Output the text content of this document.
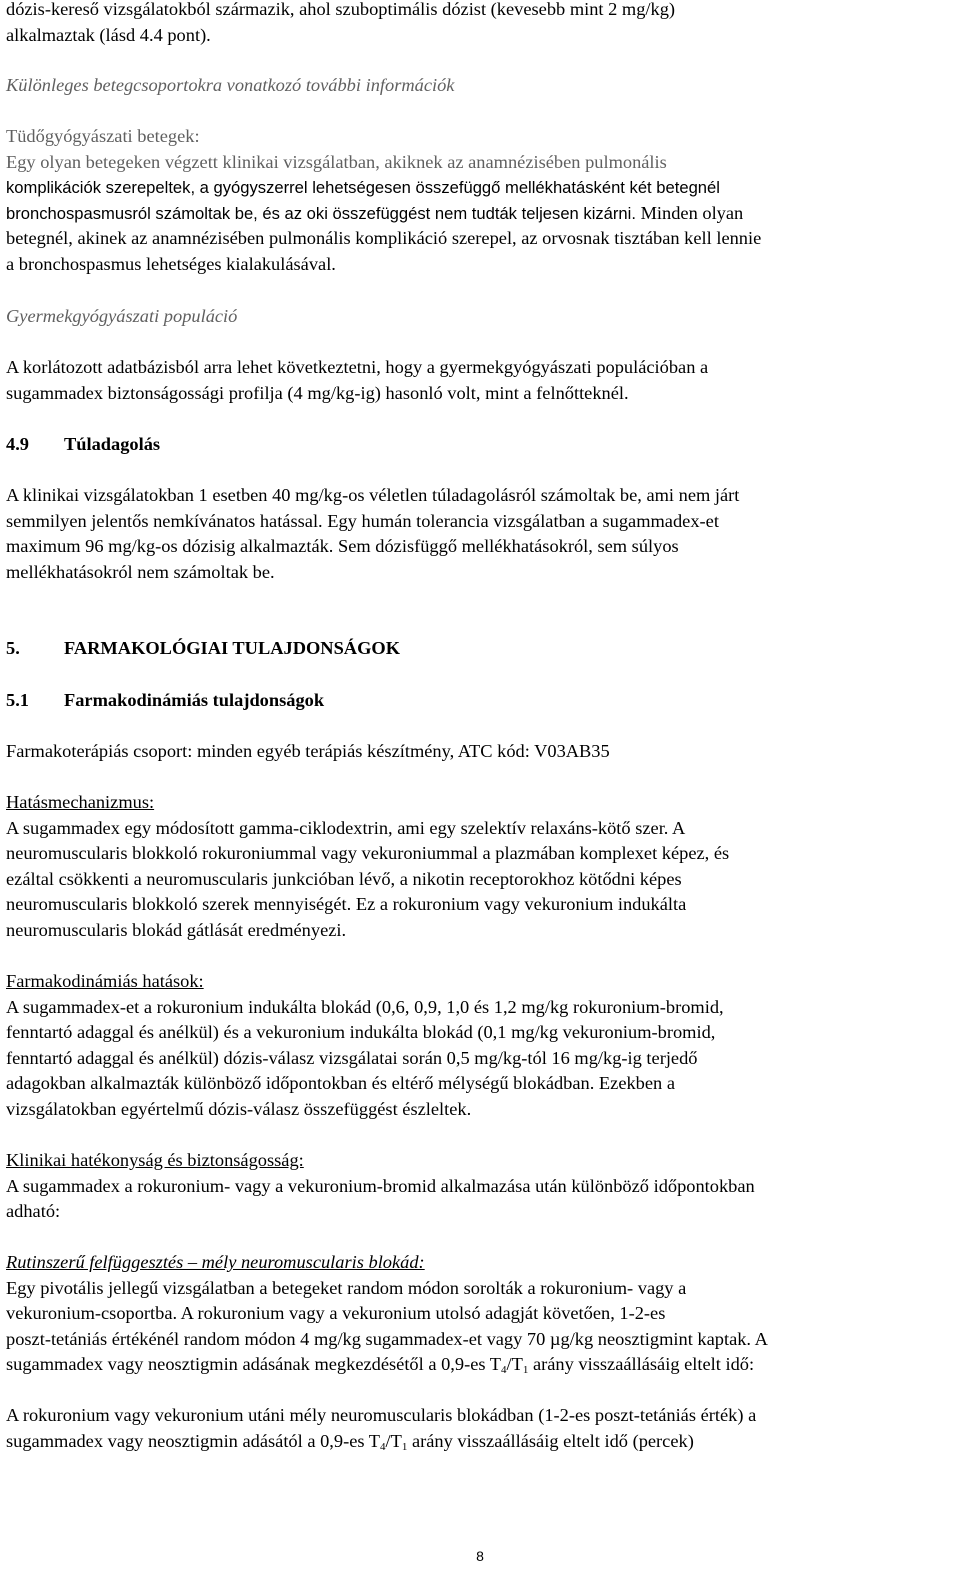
dózis-kereső vizsgálatokból származik, ahol szuboptimális dózist (kevesebb mint 2 mg/kg)
alkalmaztak (lásd 4.4 pont).

Különleges betegcsoportokra vonatkozó további információk

Tüdőgyógyászati betegek:
Egy olyan betegeken végzett klinikai vizsgálatban, akiknek az anamnézisében pulmonális
komplikációk szerepeltek, a gyógyszerrel lehetségesen összefüggő mellékhatásként két betegnél
bronchospasmusról számoltak be, és az oki összefüggést nem tudták teljesen kizárni. Minden olyan
betegnél, akinek az anamnézisében pulmonális komplikáció szerepel, az orvosnak tisztában kell lennie
a bronchospasmus lehetséges kialakulásával.

Gyermekgyógyászati populáció

A korlátozott adatbázisból arra lehet következtetni, hogy a gyermekgyógyászati populációban a
sugammadex biztonságossági profilja (4 mg/kg-ig) hasonló volt, mint a felnőtteknél.

4.9 Túladagolás

A klinikai vizsgálatokban 1 esetben 40 mg/kg-os véletlen túladagolásról számoltak be, ami nem járt
semmilyen jelentős nemkívánatos hatással. Egy humán tolerancia vizsgálatban a sugammadex-et
maximum 96 mg/kg-os dózisig alkalmazták. Sem dózisfüggő mellékhatásokról, sem súlyos
mellékhatásokról nem számoltak be.

5. FARMAKOLÓGIAI TULAJDONSÁGOK

5.1 Farmakodinámiás tulajdonságok

Farmakoterápiás csoport: minden egyéb terápiás készítmény, ATC kód: V03AB35

Hatásmechanizmus:
A sugammadex egy módosított gamma-ciklodextrin, ami egy szelektív relaxáns-kötő szer. A
neuromuscularis blokkoló rokuroniummal vagy vekuroniummal a plazmában komplexet képez, és
ezáltal csökkenti a neuromuscularis junkcióban lévő, a nikotin receptorokhoz kötődni képes
neuromuscularis blokkoló szerek mennyiségét. Ez a rokuronium vagy vekuronium indukálta
neuromuscularis blokád gátlását eredményezi.
Farmakodinámiás hatások:
A sugammadex-et a rokuronium indukálta blokád (0,6, 0,9, 1,0 és 1,2 mg/kg rokuronium-bromid,
fenntartó adaggal és anélkül) és a vekuronium indukálta blokád (0,1 mg/kg vekuronium-bromid,
fenntartó adaggal és anélkül) dózis-válasz vizsgálatai során 0,5 mg/kg-tól 16 mg/kg-ig terjedő
adagokban alkalmazták különböző időpontokban és eltérő mélységű blokádban. Ezekben a
vizsgálatokban egyértelmű dózis-válasz összefüggést észleltek.
Klinikai hatékonyság és biztonságosság:
A sugammadex a rokuronium- vagy a vekuronium-bromid alkalmazása után különböző időpontokban
adható:
Rutinszerű felfüggesztés – mély neuromuscularis blokád:
Egy pivotális jellegű vizsgálatban a betegeket random módon sorolták a rokuronium- vagy a
vekuronium-csoportba. A rokuronium vagy a vekuronium utolsó adagját követően, 1-2-es
poszt-tetániás értékénél random módon 4 mg/kg sugammadex-et vagy 70 µg/kg neosztigmint kaptak. A
sugammadex vagy neosztigmin adásának megkezdésétől a 0,9-es $T_4/T_1$ arány visszaállásáig eltelt idő:
A rokuronium vagy vekuronium utáni mély neuromuscularis blokádban (1-2-es poszt-tetániás érték) a
sugammadex vagy neosztigmin adásától a 0,9-es $T_4/T_1$ arány visszaállásáig eltelt idő (percek)
8
